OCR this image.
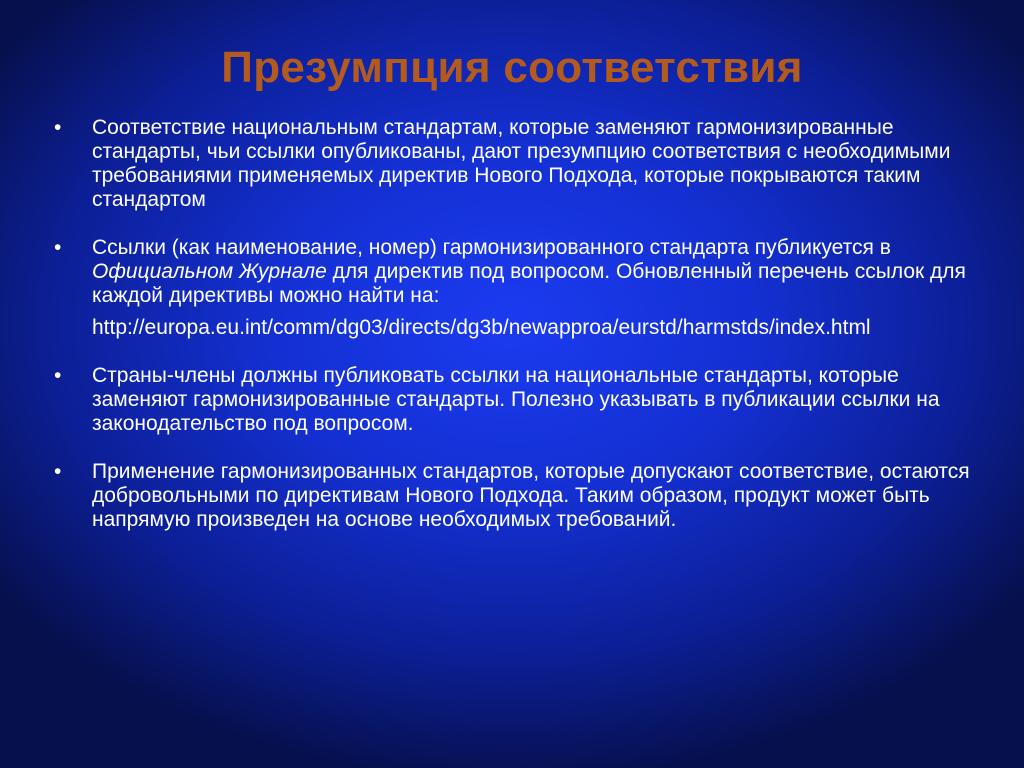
Презумпция соответствия
• Соответствие национальным стандартам, которые заменяют гармонизированные стандарты, чьи ссылки опубликованы, дают презумпцию соответствия с необходимыми требованиями применяемых директив Нового Подхода, которые покрываются таким стандартом

• Ссылки (как наименование, номер) гармонизированного стандарта публикуется в Официальном Журнале для директив под вопросом. Обновленный перечень ссылок для каждой директивы можно найти на:

http://europa.eu.int/comm/dg03/directs/dg3b/newapproa/eurstd/harmstds/index.html

• Страны-члены должны публиковать ссылки на национальные стандарты, которые заменяют гармонизированные стандарты. Полезно указывать в публикации ссылки на законодательство под вопросом.

• Применение гармонизированных стандартов, которые допускают соответствие, остаются добровольными по директивам Нового Подхода. Таким образом, продукт может быть напрямую произведен на основе необходимых требований.
